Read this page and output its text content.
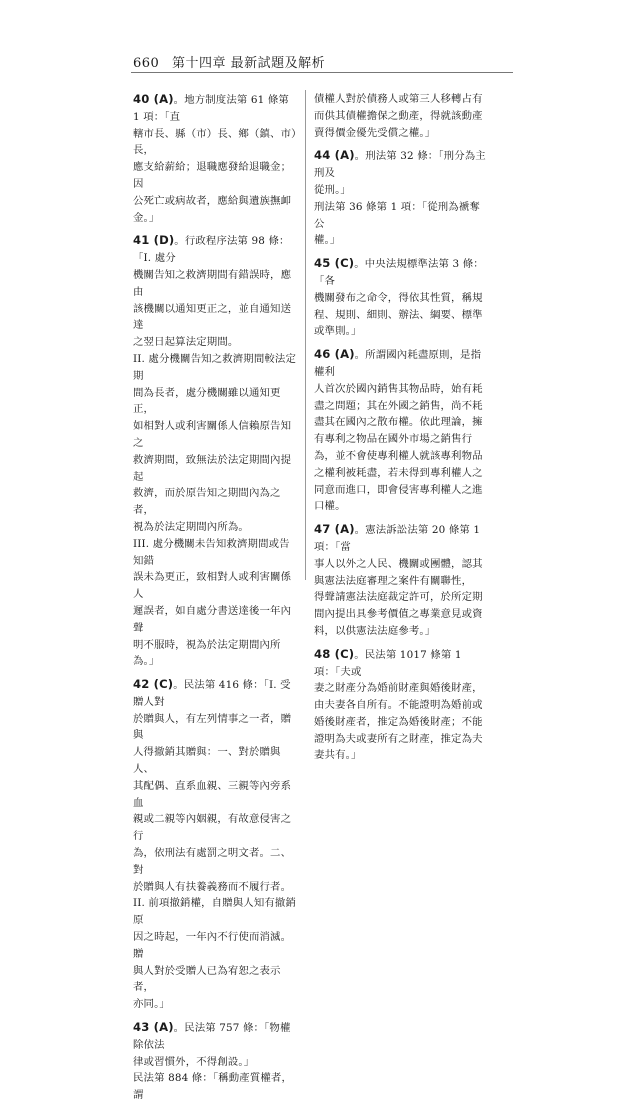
660 第十四章 最新試題及解析

40 (A)。地方制度法第 61 條第 1 項：「直

轄市長、縣（市）長、鄉（鎮、市）長，

應支給薪給；退職應發給退職金；因

公死亡或病故者，應給與遺族撫卹

金。」

41 (D)。行政程序法第 98 條：「I. 處分

機關告知之救濟期間有錯誤時，應由

該機關以通知更正之，並自通知送達

之翌日起算法定期間。

II. 處分機關告知之救濟期間較法定期

間為長者，處分機關雖以通知更正，

如相對人或利害關係人信賴原告知之

救濟期間，致無法於法定期間內提起

救濟，而於原告知之期間內為之者，

視為於法定期間內所為。

III. 處分機關未告知救濟期間或告知錯

誤未為更正，致相對人或利害關係人

遲誤者，如自處分書送達後一年內聲

明不服時，視為於法定期間內所為。」

42 (C)。民法第 416 條：「I. 受贈人對

於贈與人，有左列情事之一者，贈與

人得撤銷其贈與：一、對於贈與人、

其配偶、直系血親、三親等內旁系血

親或二親等內姻親，有故意侵害之行

為，依刑法有處罰之明文者。二、對

於贈與人有扶養義務而不履行者。

II. 前項撤銷權，自贈與人知有撤銷原

因之時起，一年內不行使而消滅。贈

與人對於受贈人已為宥恕之表示者，

亦同。」

43 (A)。民法第 757 條：「物權除依法

律或習慣外，不得創設。」

民法第 884 條：「稱動產質權者，謂

債權人對於債務人或第三人移轉占有

而供其債權擔保之動產，得就該動產

賣得價金優先受償之權。」

44 (A)。刑法第 32 條：「刑分為主刑及

從刑。」

刑法第 36 條第 1 項：「從刑為褫奪公

權。」

45 (C)。中央法規標準法第 3 條：「各

機關發布之命令，得依其性質，稱規

程、規則、細則、辦法、綱要、標準

或準則。」

46 (A)。所謂國內耗盡原則，是指權利

人首次於國內銷售其物品時，始有耗

盡之問題；其在外國之銷售，尚不耗

盡其在國內之散布權。依此理論，擁

有專利之物品在國外市場之銷售行

為，並不會使專利權人就該專利物品

之權利被耗盡，若未得到專利權人之

同意而進口，即會侵害專利權人之進

口權。

47 (A)。憲法訴訟法第 20 條第 1 項：「當

事人以外之人民、機關或團體，認其

與憲法法庭審理之案件有關聯性，

得聲請憲法法庭裁定許可，於所定期

間內提出具參考價值之專業意見或資

料，以供憲法法庭參考。」

48 (C)。民法第 1017 條第 1 項：「夫或

妻之財產分為婚前財產與婚後財產，

由夫妻各自所有。不能證明為婚前或

婚後財產者，推定為婚後財產；不能

證明為夫或妻所有之財產，推定為夫

妻共有。」
